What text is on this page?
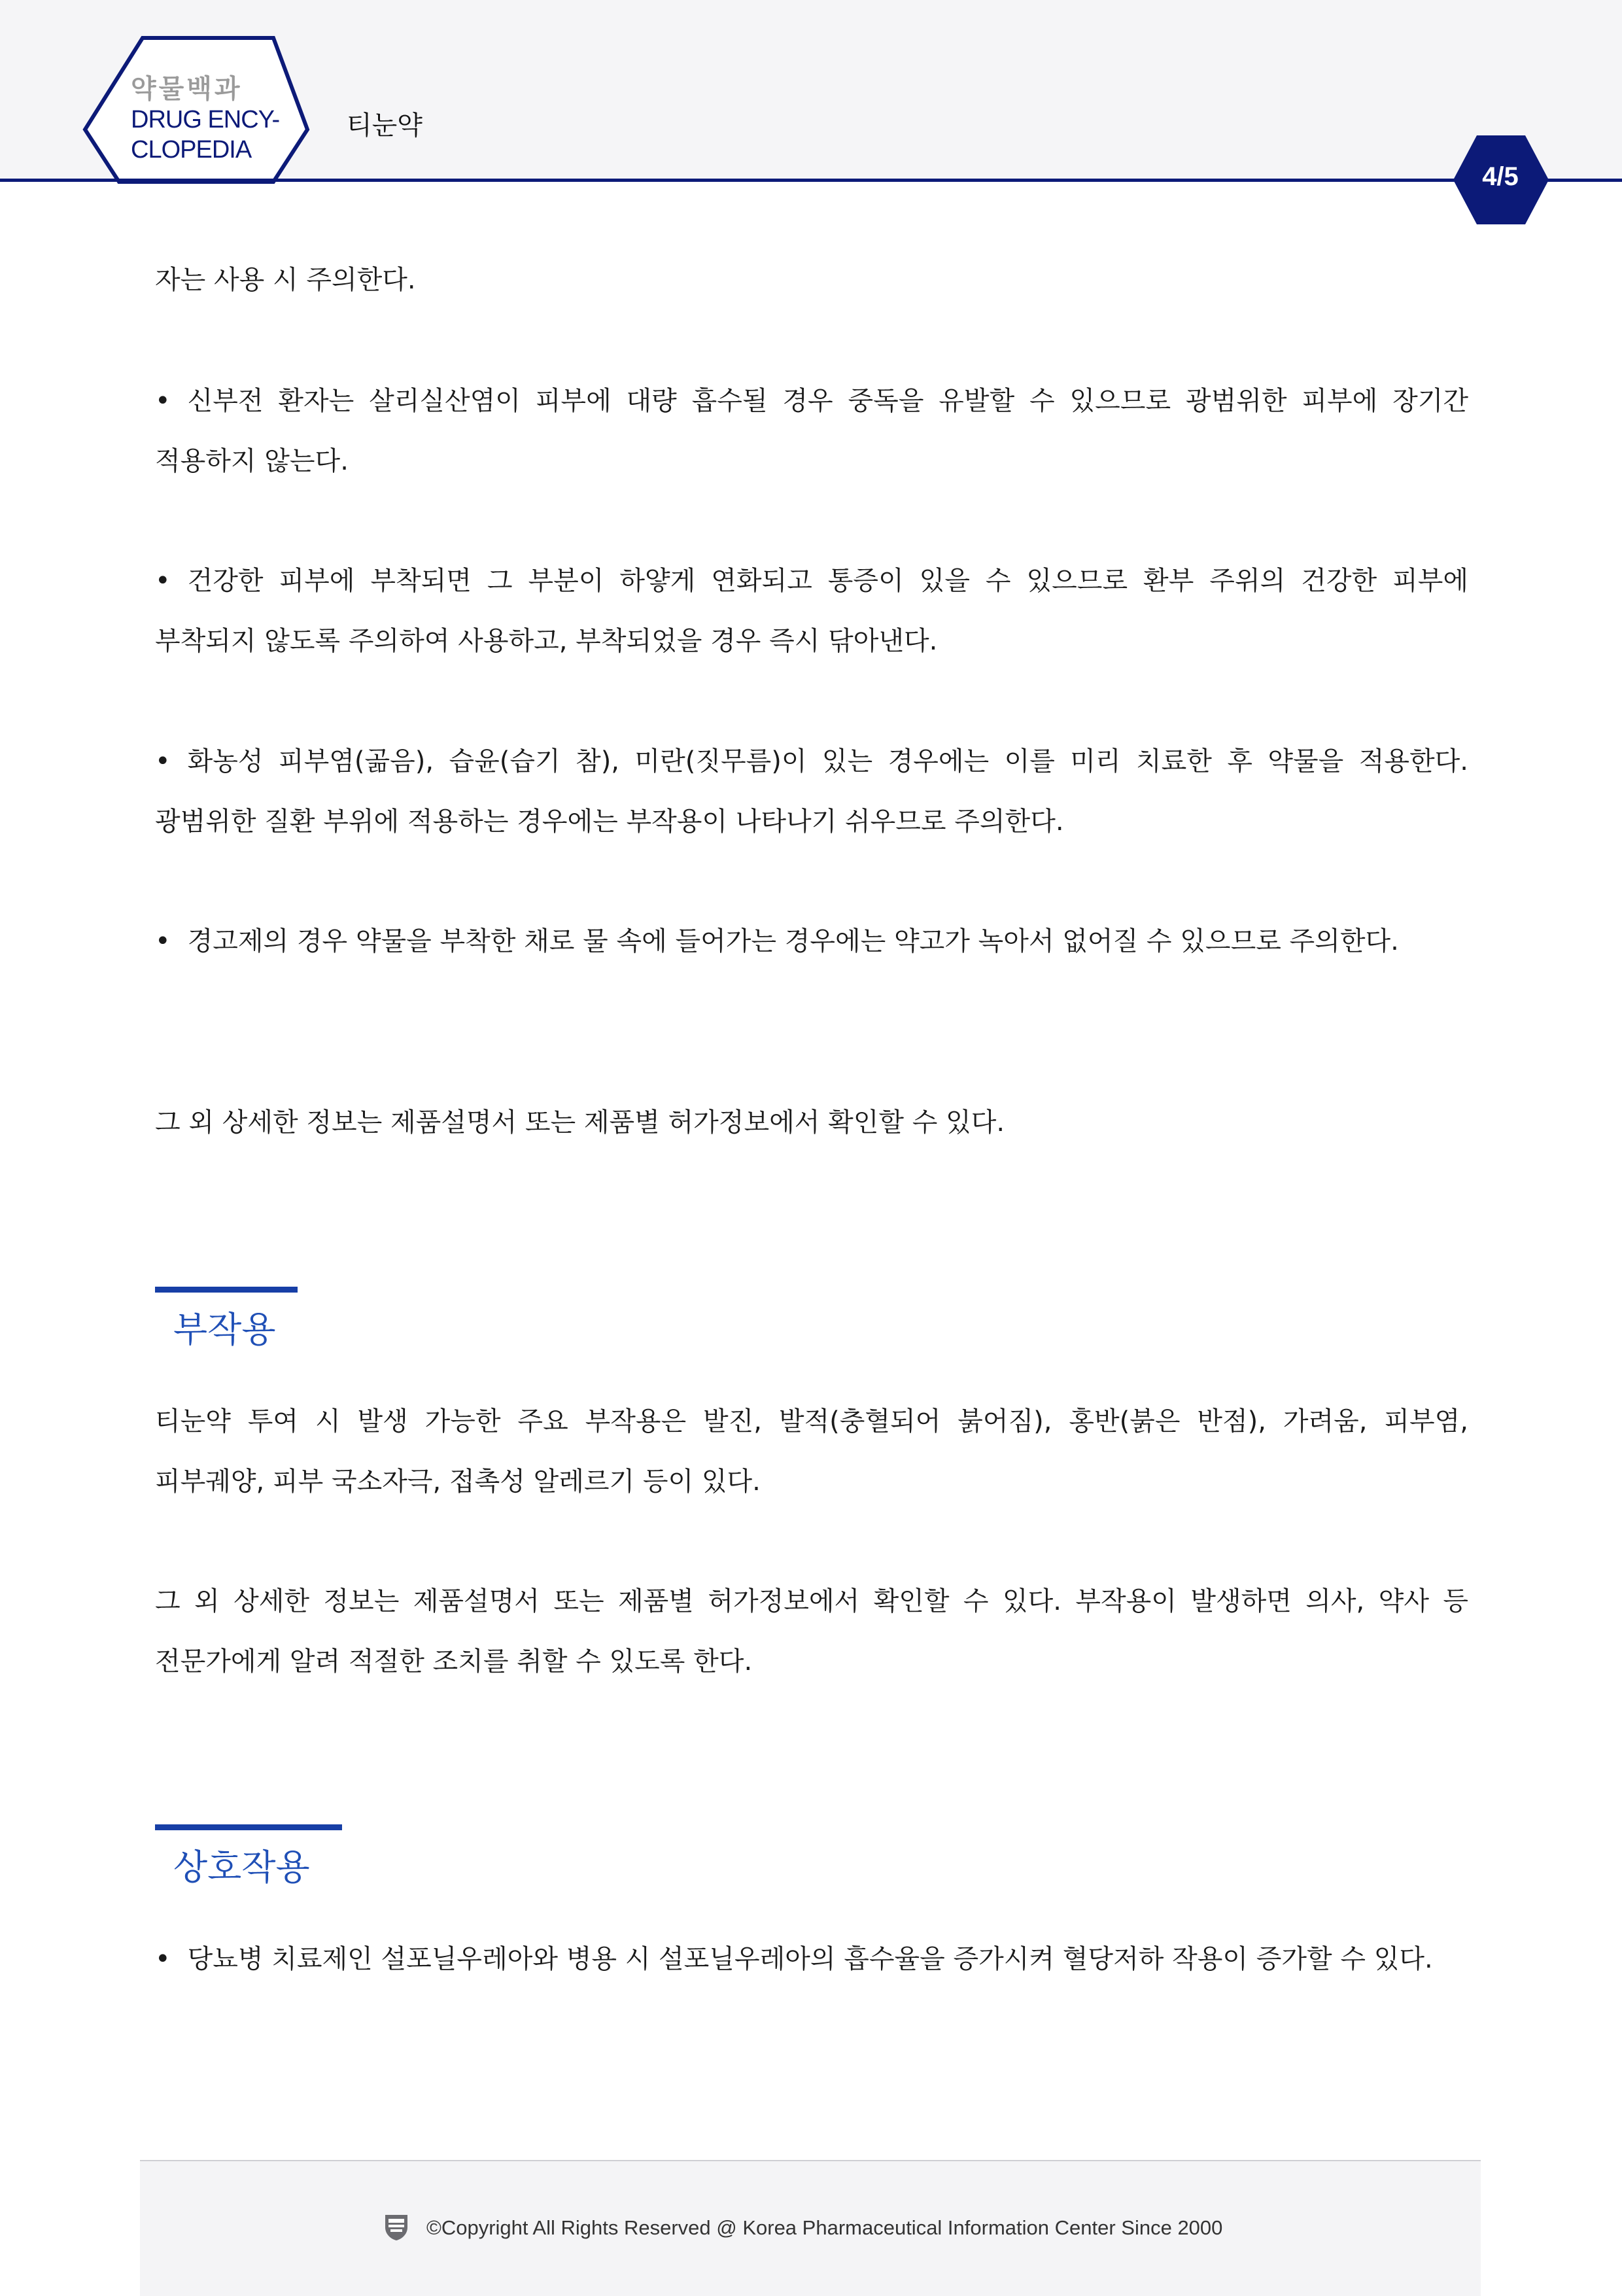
약물백과
DRUG ENCY-
CLOPEDIA
티눈약
4/5
자는 사용 시 주의한다.
• 신부전 환자는 살리실산염이 피부에 대량 흡수될 경우 중독을 유발할 수 있으므로 광범위한 피부에 장기간 적용하지 않는다.
• 건강한 피부에 부착되면 그 부분이 하얗게 연화되고 통증이 있을 수 있으므로 환부 주위의 건강한 피부에 부착되지 않도록 주의하여 사용하고, 부착되었을 경우 즉시 닦아낸다.
• 화농성 피부염(곪음), 습윤(습기 참), 미란(짓무름)이 있는 경우에는 이를 미리 치료한 후 약물을 적용한다. 광범위한 질환 부위에 적용하는 경우에는 부작용이 나타나기 쉬우므로 주의한다.
• 경고제의 경우 약물을 부착한 채로 물 속에 들어가는 경우에는 약고가 녹아서 없어질 수 있으므로 주의한다.
그 외 상세한 정보는 제품설명서 또는 제품별 허가정보에서 확인할 수 있다.
부작용
티눈약 투여 시 발생 가능한 주요 부작용은 발진, 발적(충혈되어 붉어짐), 홍반(붉은 반점), 가려움, 피부염, 피부궤양, 피부 국소자극, 접촉성 알레르기 등이 있다.
그 외 상세한 정보는 제품설명서 또는 제품별 허가정보에서 확인할 수 있다. 부작용이 발생하면 의사, 약사 등 전문가에게 알려 적절한 조치를 취할 수 있도록 한다.
상호작용
• 당뇨병 치료제인 설포닐우레아와 병용 시 설포닐우레아의 흡수율을 증가시켜 혈당저하 작용이 증가할 수 있다.
©Copyright All Rights Reserved @ Korea Pharmaceutical Information Center Since 2000
